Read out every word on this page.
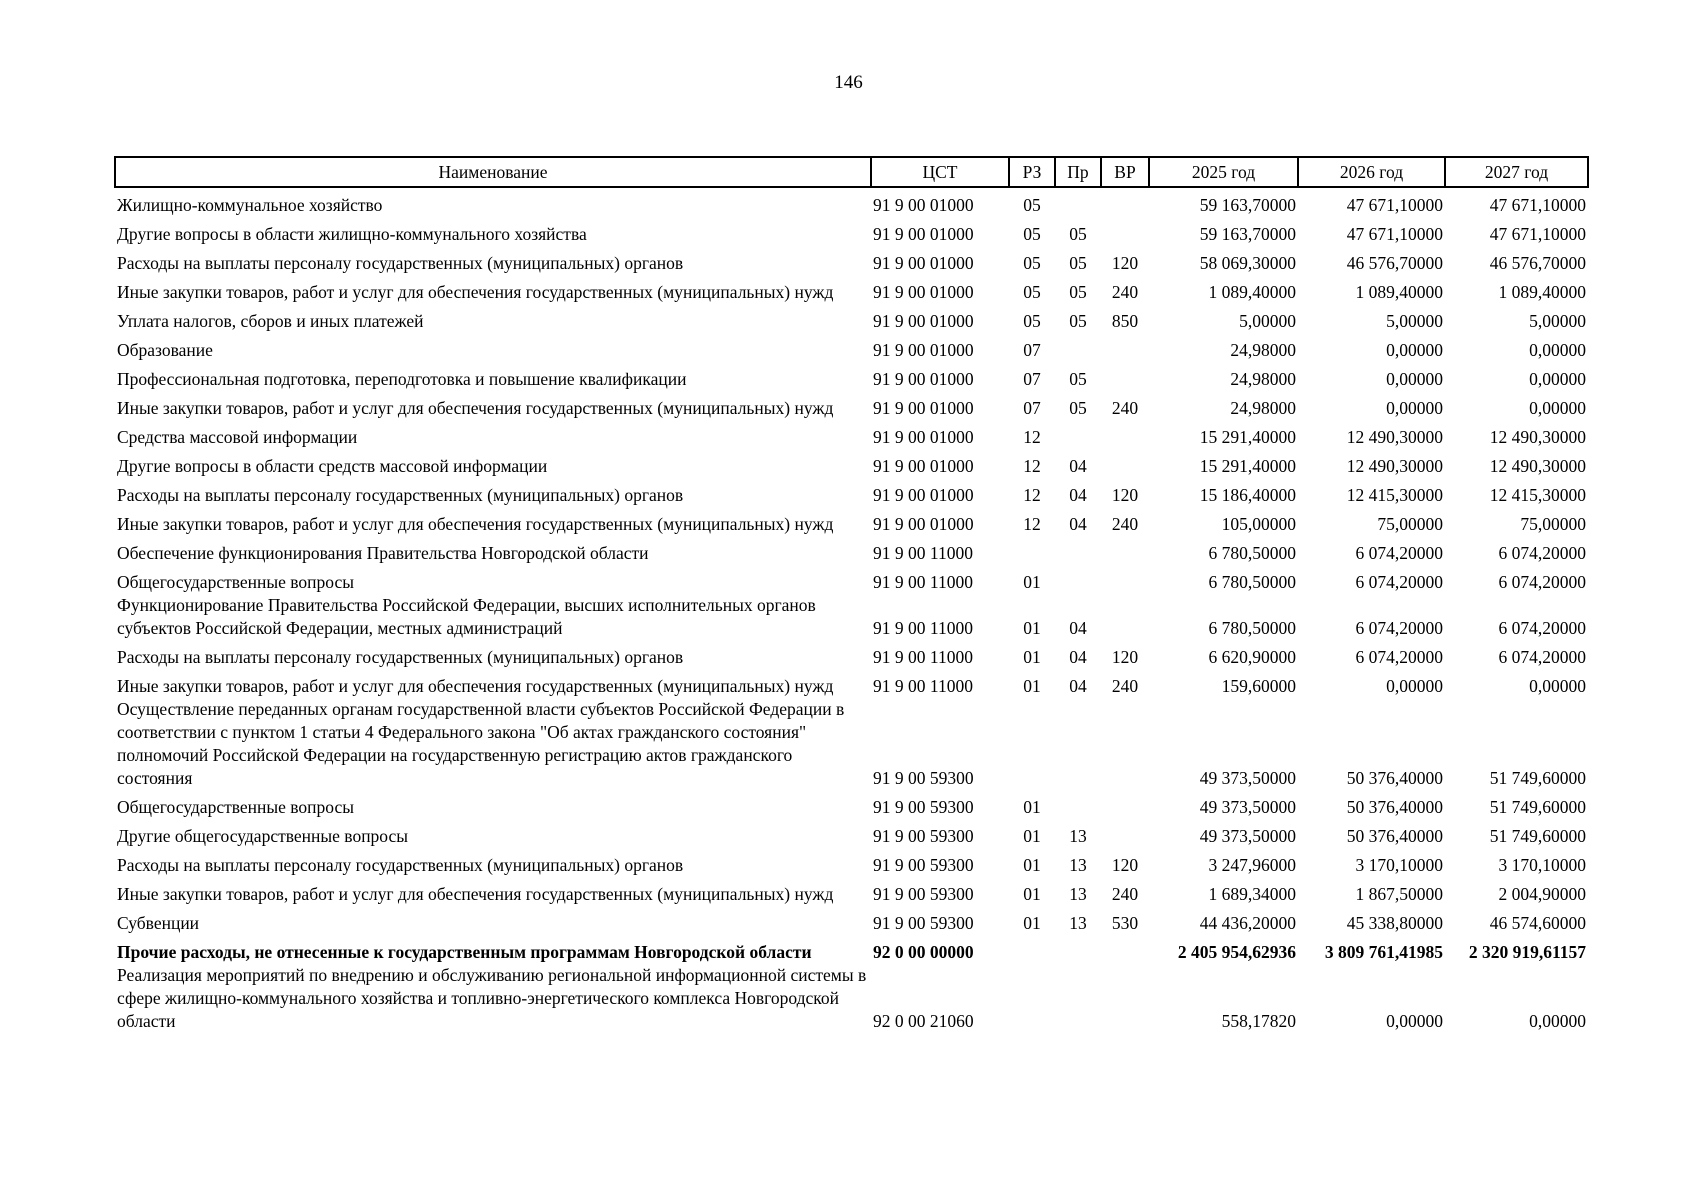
146
Наименование	ЦСТ	РЗ	Пр	ВР	2025 год	2026 год	2027 год
Жилищно-коммунальное хозяйство	91 9 00 01000	05			59 163,70000	47 671,10000	47 671,10000
Другие вопросы в области жилищно-коммунального хозяйства	91 9 00 01000	05	05		59 163,70000	47 671,10000	47 671,10000
Расходы на выплаты персоналу государственных (муниципальных) органов	91 9 00 01000	05	05	120	58 069,30000	46 576,70000	46 576,70000
Иные закупки товаров, работ и услуг для обеспечения государственных (муниципальных) нужд	91 9 00 01000	05	05	240	1 089,40000	1 089,40000	1 089,40000
Уплата налогов, сборов и иных платежей	91 9 00 01000	05	05	850	5,00000	5,00000	5,00000
Образование	91 9 00 01000	07			24,98000	0,00000	0,00000
Профессиональная подготовка, переподготовка и повышение квалификации	91 9 00 01000	07	05		24,98000	0,00000	0,00000
Иные закупки товаров, работ и услуг для обеспечения государственных (муниципальных) нужд	91 9 00 01000	07	05	240	24,98000	0,00000	0,00000
Средства массовой информации	91 9 00 01000	12			15 291,40000	12 490,30000	12 490,30000
Другие вопросы в области средств массовой информации	91 9 00 01000	12	04		15 291,40000	12 490,30000	12 490,30000
Расходы на выплаты персоналу государственных (муниципальных) органов	91 9 00 01000	12	04	120	15 186,40000	12 415,30000	12 415,30000
Иные закупки товаров, работ и услуг для обеспечения государственных (муниципальных) нужд	91 9 00 01000	12	04	240	105,00000	75,00000	75,00000
Обеспечение функционирования Правительства Новгородской области	91 9 00 11000				6 780,50000	6 074,20000	6 074,20000
Общегосударственные вопросы	91 9 00 11000	01			6 780,50000	6 074,20000	6 074,20000
Функционирование Правительства Российской Федерации, высших исполнительных органов субъектов Российской Федерации, местных администраций	91 9 00 11000	01	04		6 780,50000	6 074,20000	6 074,20000
Расходы на выплаты персоналу государственных (муниципальных) органов	91 9 00 11000	01	04	120	6 620,90000	6 074,20000	6 074,20000
Иные закупки товаров, работ и услуг для обеспечения государственных (муниципальных) нужд	91 9 00 11000	01	04	240	159,60000	0,00000	0,00000
Осуществление переданных органам государственной власти субъектов Российской Федерации в соответствии с пунктом 1 статьи 4 Федерального закона "Об актах гражданского состояния" полномочий Российской Федерации на государственную регистрацию актов гражданского состояния	91 9 00 59300				49 373,50000	50 376,40000	51 749,60000
Общегосударственные вопросы	91 9 00 59300	01			49 373,50000	50 376,40000	51 749,60000
Другие общегосударственные вопросы	91 9 00 59300	01	13		49 373,50000	50 376,40000	51 749,60000
Расходы на выплаты персоналу государственных (муниципальных) органов	91 9 00 59300	01	13	120	3 247,96000	3 170,10000	3 170,10000
Иные закупки товаров, работ и услуг для обеспечения государственных (муниципальных) нужд	91 9 00 59300	01	13	240	1 689,34000	1 867,50000	2 004,90000
Субвенции	91 9 00 59300	01	13	530	44 436,20000	45 338,80000	46 574,60000
Прочие расходы, не отнесенные к государственным программам Новгородской области	92 0 00 00000				2 405 954,62936	3 809 761,41985	2 320 919,61157
Реализация мероприятий по внедрению и обслуживанию региональной информационной системы в сфере жилищно-коммунального хозяйства и топливно-энергетического комплекса Новгородской области	92 0 00 21060				558,17820	0,00000	0,00000
